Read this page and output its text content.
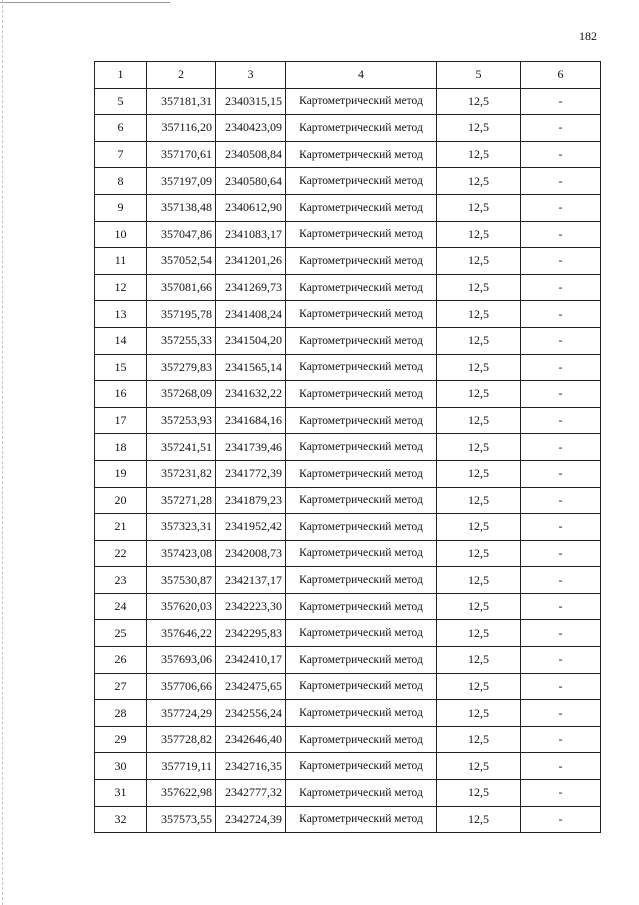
182
1	2	3	4	5	6
5	357181,31	2340315,15	Картометрический метод	12,5	-
6	357116,20	2340423,09	Картометрический метод	12,5	-
7	357170,61	2340508,84	Картометрический метод	12,5	-
8	357197,09	2340580,64	Картометрический метод	12,5	-
9	357138,48	2340612,90	Картометрический метод	12,5	-
10	357047,86	2341083,17	Картометрический метод	12,5	-
11	357052,54	2341201,26	Картометрический метод	12,5	-
12	357081,66	2341269,73	Картометрический метод	12,5	-
13	357195,78	2341408,24	Картометрический метод	12,5	-
14	357255,33	2341504,20	Картометрический метод	12,5	-
15	357279,83	2341565,14	Картометрический метод	12,5	-
16	357268,09	2341632,22	Картометрический метод	12,5	-
17	357253,93	2341684,16	Картометрический метод	12,5	-
18	357241,51	2341739,46	Картометрический метод	12,5	-
19	357231,82	2341772,39	Картометрический метод	12,5	-
20	357271,28	2341879,23	Картометрический метод	12,5	-
21	357323,31	2341952,42	Картометрический метод	12,5	-
22	357423,08	2342008,73	Картометрический метод	12,5	-
23	357530,87	2342137,17	Картометрический метод	12,5	-
24	357620,03	2342223,30	Картометрический метод	12,5	-
25	357646,22	2342295,83	Картометрический метод	12,5	-
26	357693,06	2342410,17	Картометрический метод	12,5	-
27	357706,66	2342475,65	Картометрический метод	12,5	-
28	357724,29	2342556,24	Картометрический метод	12,5	-
29	357728,82	2342646,40	Картометрический метод	12,5	-
30	357719,11	2342716,35	Картометрический метод	12,5	-
31	357622,98	2342777,32	Картометрический метод	12,5	-
32	357573,55	2342724,39	Картометрический метод	12,5	-
